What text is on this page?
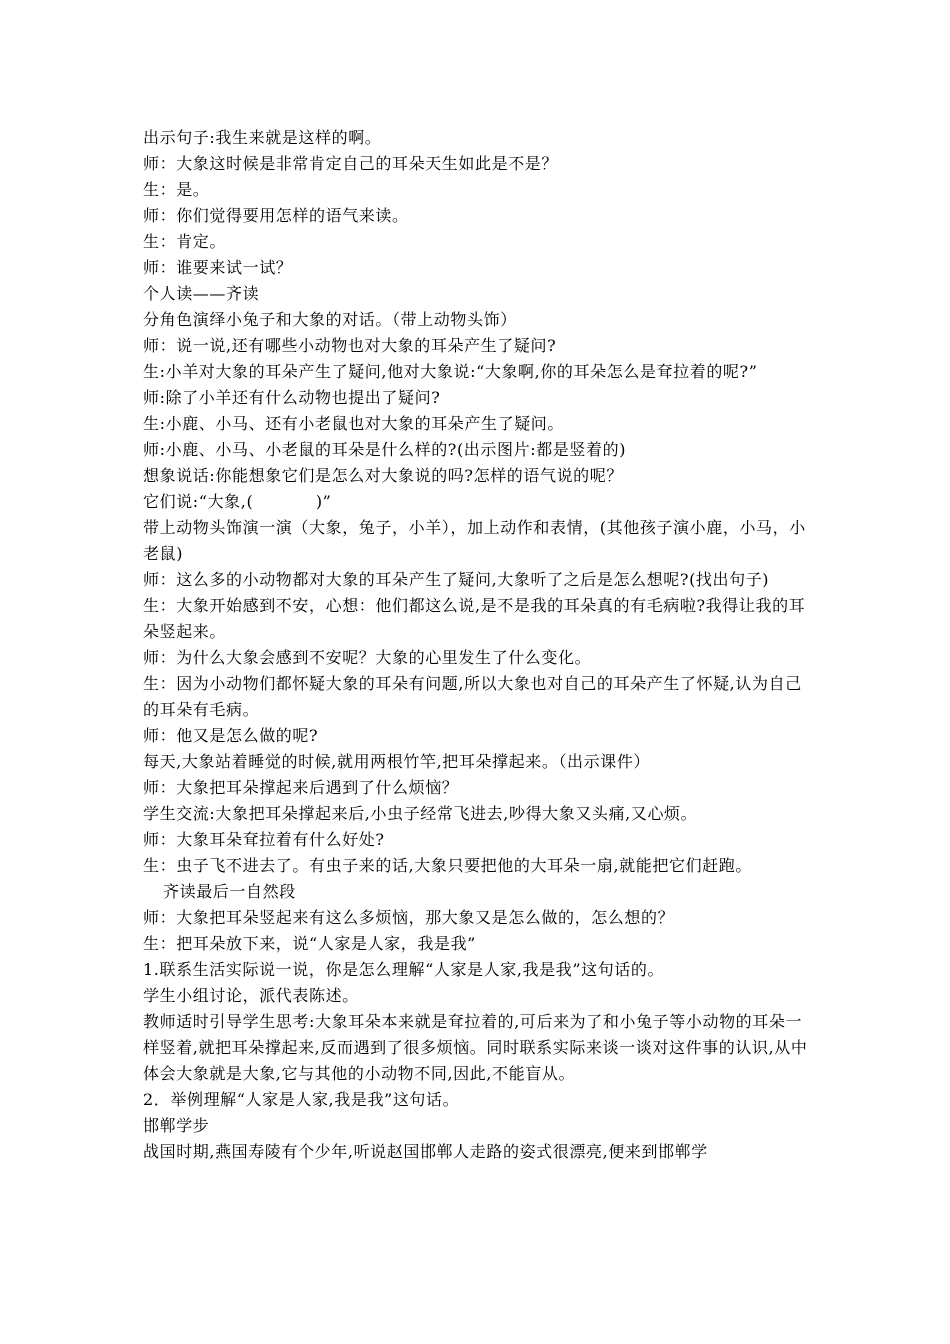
出示句子:我生来就是这样的啊。

师：大象这时候是非常肯定自己的耳朵天生如此是不是？

生：是。

师：你们觉得要用怎样的语气来读。

生：肯定。

师：谁要来试一试？

个人读——齐读

分角色演绎小兔子和大象的对话。（带上动物头饰）

师：说一说,还有哪些小动物也对大象的耳朵产生了疑问?

生:小羊对大象的耳朵产生了疑问,他对大象说:“大象啊,你的耳朵怎么是耷拉着的呢?”

师:除了小羊还有什么动物也提出了疑问?

生:小鹿、小马、还有小老鼠也对大象的耳朵产生了疑问。

师:小鹿、小马、小老鼠的耳朵是什么样的?(出示图片:都是竖着的)

想象说话:你能想象它们是怎么对大象说的吗?怎样的语气说的呢？

它们说:“大象,(           )”

带上动物头饰演一演（大象，兔子，小羊），加上动作和表情，(其他孩子演小鹿，小马，小老鼠)

师：这么多的小动物都对大象的耳朵产生了疑问,大象听了之后是怎么想呢?(找出句子)

生：大象开始感到不安，心想：他们都这么说,是不是我的耳朵真的有毛病啦?我得让我的耳朵竖起来。

师：为什么大象会感到不安呢？大象的心里发生了什么变化。

生：因为小动物们都怀疑大象的耳朵有问题,所以大象也对自己的耳朵产生了怀疑,认为自己的耳朵有毛病。

师：他又是怎么做的呢?

每天,大象站着睡觉的时候,就用两根竹竿,把耳朵撑起来。（出示课件）

师：大象把耳朵撑起来后遇到了什么烦恼？

学生交流:大象把耳朵撑起来后,小虫子经常飞进去,吵得大象又头痛,又心烦。

师：大象耳朵耷拉着有什么好处?

生：虫子飞不进去了。有虫子来的话,大象只要把他的大耳朵一扇,就能把它们赶跑。

齐读最后一自然段

师：大象把耳朵竖起来有这么多烦恼，那大象又是怎么做的，怎么想的？

生：把耳朵放下来，说“人家是人家，我是我”

1.联系生活实际说一说，你是怎么理解“人家是人家,我是我”这句话的。

学生小组讨论，派代表陈述。

教师适时引导学生思考:大象耳朵本来就是耷拉着的,可后来为了和小兔子等小动物的耳朵一样竖着,就把耳朵撑起来,反而遇到了很多烦恼。同时联系实际来谈一谈对这件事的认识,从中体会大象就是大象,它与其他的小动物不同,因此,不能盲从。

2．举例理解“人家是人家,我是我”这句话。

邯郸学步

战国时期,燕国寿陵有个少年,听说赵国邯郸人走路的姿式很漂亮,便来到邯郸学
